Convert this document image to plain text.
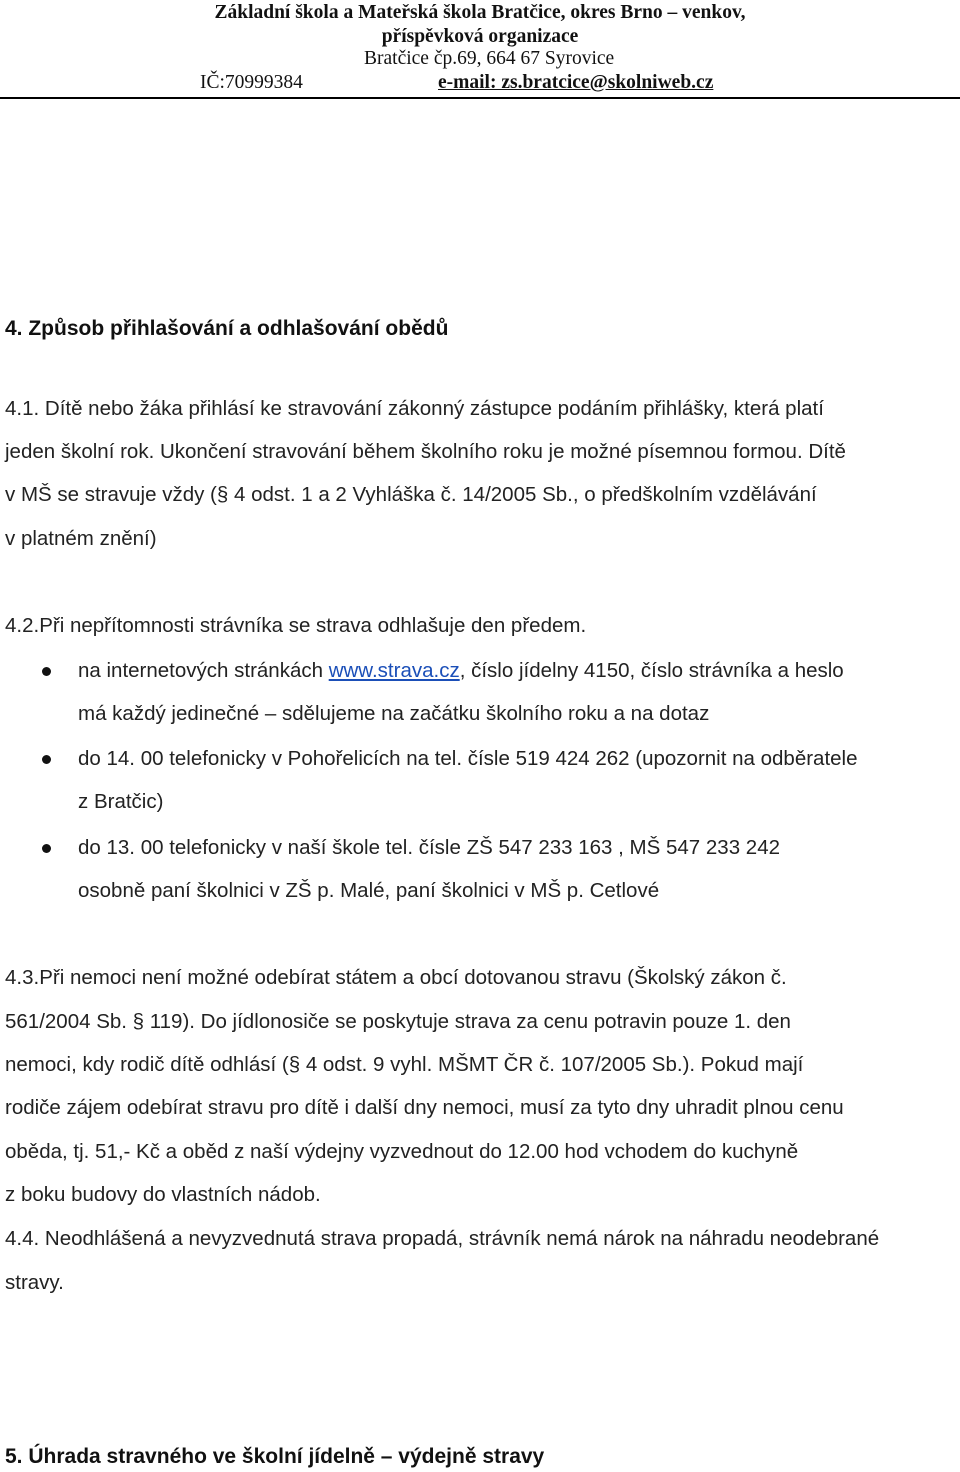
Základní škola a Mateřská škola Bratčice, okres Brno – venkov,
příspěvková organizace
Bratčice čp.69, 664 67 Syrovice
IČ:70999384	e-mail: zs.bratcice@skolniweb.cz
4. Způsob přihlašování a odhlašování obědů
4.1. Dítě nebo žáka přihlásí ke stravování zákonný zástupce podáním přihlášky, která platí
jeden školní rok. Ukončení stravování během školního roku je možné písemnou formou. Dítě
v MŠ se stravuje vždy (§ 4 odst. 1 a 2 Vyhláška č. 14/2005 Sb., o předškolním vzdělávání
v platném znění)
4.2.Při nepřítomnosti strávníka se strava odhlašuje den předem.
na internetových stránkách www.strava.cz, číslo jídelny 4150, číslo strávníka a heslo
má každý jedinečné – sdělujeme na začátku školního roku a na dotaz
do 14. 00 telefonicky v Pohořelicích na tel. čísle 519 424 262 (upozornit na odběratele
z Bratčic)
do 13. 00 telefonicky v naší škole tel. čísle ZŠ 547 233 163 , MŠ 547 233 242
osobně paní školnici v ZŠ p. Malé, paní školnici v MŠ p. Cetlové
4.3.Při nemoci není možné odebírat státem a obcí dotovanou stravu (Školský zákon č.
561/2004 Sb. § 119). Do jídlonosiče se poskytuje strava za cenu potravin pouze 1. den
nemoci, kdy rodič dítě odhlásí (§ 4 odst. 9 vyhl. MŠMT ČR č. 107/2005 Sb.). Pokud mají
rodiče zájem odebírat stravu pro dítě i další dny nemoci, musí za tyto dny uhradit plnou cenu
oběda, tj. 51,- Kč a oběd z naší výdejny vyzvednout do 12.00 hod vchodem do kuchyně
z boku budovy do vlastních nádob.
4.4. Neodhlášená a nevyzvednutá strava propadá, strávník nemá nárok na náhradu neodebrané
stravy.
5. Úhrada stravného ve školní jídelně – výdejně stravy
